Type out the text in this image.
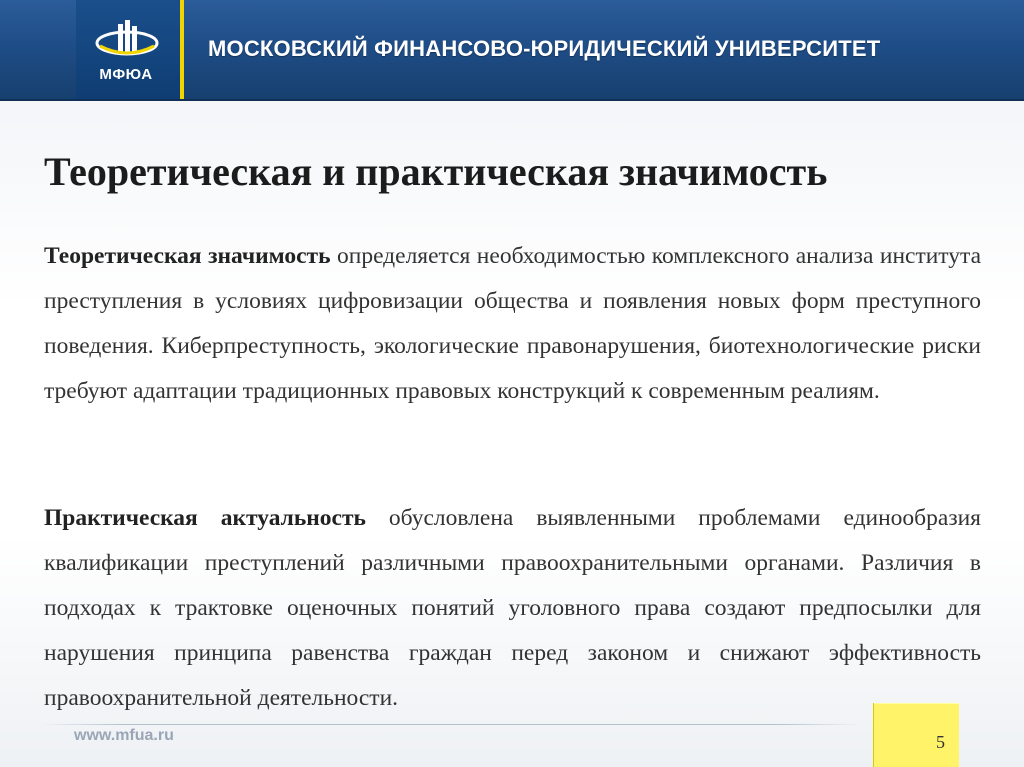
МФЮА
МОСКОВСКИЙ ФИНАНСОВО-ЮРИДИЧЕСКИЙ УНИВЕРСИТЕТ
Теоретическая и практическая значимость

Теоретическая значимость определяется необходимостью комплексного анализа института преступления в условиях цифровизации общества и появления новых форм преступного поведения. Киберпреступность, экологические правонарушения, биотехнологические риски требуют адаптации традиционных правовых конструкций к современным реалиям.

Практическая актуальность обусловлена выявленными проблемами единообразия квалификации преступлений различными правоохранительными органами. Различия в подходах к трактовке оценочных понятий уголовного права создают предпосылки для нарушения принципа равенства граждан перед законом и снижают эффективность правоохранительной деятельности.

www.mfua.ru	5
